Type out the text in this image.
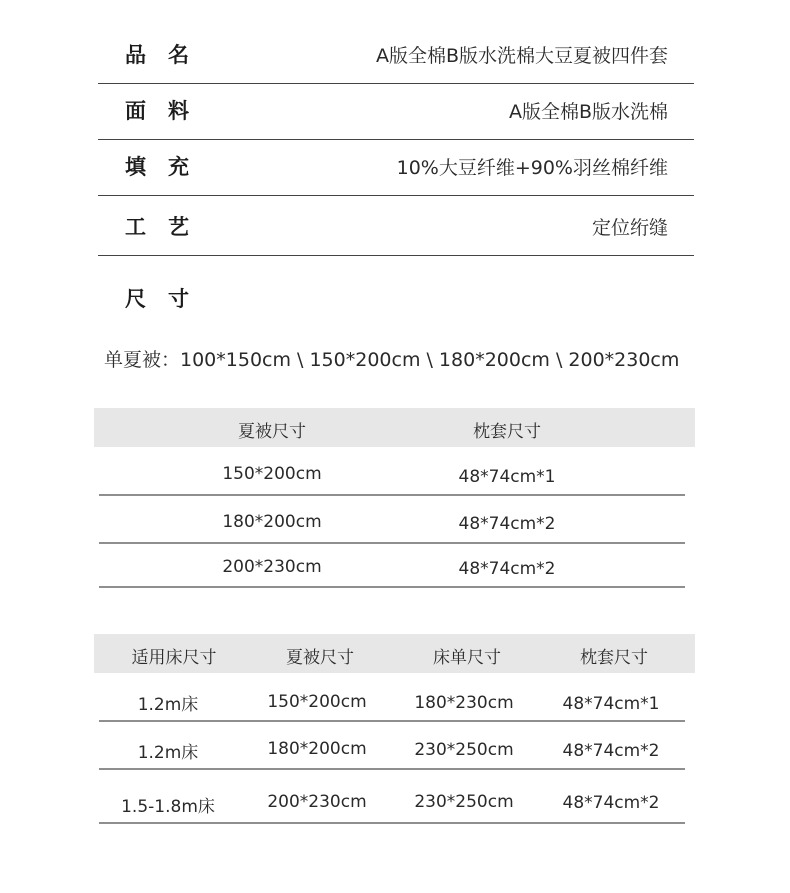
品名	A版全棉B版水洗棉大豆夏被四件套
面料	A版全棉B版水洗棉
填充	10%大豆纤维+90%羽丝棉纤维
工艺	定位绗缝
尺寸
单夏被：100*150cm \ 150*200cm \ 180*200cm \ 200*230cm
夏被尺寸	枕套尺寸
150*200cm	48*74cm*1
180*200cm	48*74cm*2
200*230cm	48*74cm*2
适用床尺寸	夏被尺寸	床单尺寸	枕套尺寸
1.2m床	150*200cm	180*230cm	48*74cm*1
1.2m床	180*200cm	230*250cm	48*74cm*2
1.5-1.8m床	200*230cm	230*250cm	48*74cm*2
